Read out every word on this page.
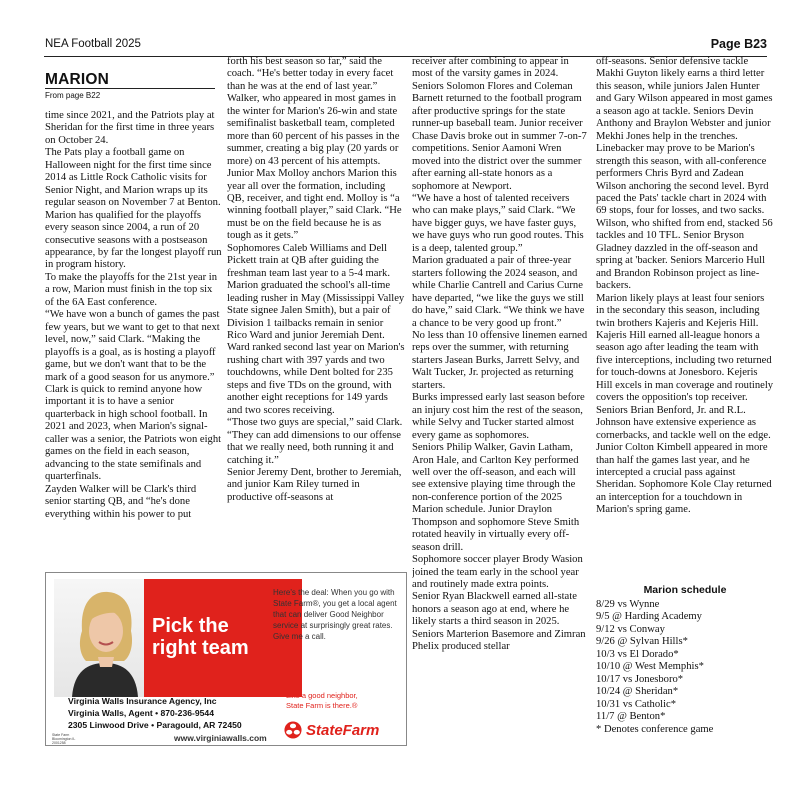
NEA Football 2025	Page B23
MARION
From page B22

time since 2021, and the Patriots play at Sheridan for the first time in three years on October 24.

The Pats play a football game on Halloween night for the first time since 2014 as Little Rock Catholic visits for Senior Night, and Marion wraps up its regular season on November 7 at Benton.

Marion has qualified for the playoffs every season since 2004, a run of 20 consecutive seasons with a postseason appearance, by far the longest playoff run in program history.

To make the playoffs for the 21st year in a row, Marion must finish in the top six of the 6A East conference.

“We have won a bunch of games the past few years, but we want to get to that next level, now,” said Clark. “Making the playoffs is a goal, as is hosting a playoff game, but we don't want that to be the mark of a good season for us anymore.”

Clark is quick to remind anyone how important it is to have a senior quarterback in high school football. In 2021 and 2023, when Marion's signal-caller was a senior, the Patriots won eight games on the field in each season, advancing to the state semifinals and quarterfinals.

Zayden Walker will be Clark's third senior starting QB, and “he's done everything within his power to put

forth his best season so far,” said the coach. “He's better today in every facet than he was at the end of last year.” Walker, who appeared in most games in the winter for Marion's 26-win and state semifinalist basketball team, completed more than 60 percent of his passes in the summer, creating a big play (20 yards or more) on 43 percent of his attempts.

Junior Max Molloy anchors Marion this year all over the formation, including QB, receiver, and tight end. Molloy is “a winning football player,” said Clark. “He must be on the field because he is as tough as it gets.”

Sophomores Caleb Williams and Dell Pickett train at QB after guiding the freshman team last year to a 5-4 mark.

Marion graduated the school's all-time leading rusher in May (Mississippi Valley State signee Jalen Smith), but a pair of Division 1 tailbacks remain in senior Rico Ward and junior Jeremiah Dent. Ward ranked second last year on Marion's rushing chart with 397 yards and two touchdowns, while Dent bolted for 235 steps and five TDs on the ground, with another eight receptions for 149 yards and two scores receiving.

“Those two guys are special,” said Clark. “They can add dimensions to our offense that we really need, both running it and catching it.”

Senior Jeremy Dent, brother to Jeremiah, and junior Kam Riley turned in productive off-seasons at

receiver after combining to appear in most of the varsity games in 2024.

Seniors Solomon Flores and Coleman Barnett returned to the football program after productive springs for the state runner-up baseball team. Junior receiver Chase Davis broke out in summer 7-on-7 competitions. Senior Aamoni Wren moved into the district over the summer after earning all-state honors as a sophomore at Newport.

“We have a host of talented receivers who can make plays,” said Clark. “We have bigger guys, we have faster guys, we have guys who run good routes. This is a deep, talented group.”

Marion graduated a pair of three-year starters following the 2024 season, and while Charlie Cantrell and Carius Curne have departed, “we like the guys we still do have,” said Clark. “We think we have a chance to be very good up front.”

No less than 10 offensive linemen earned reps over the summer, with returning starters Jasean Burks, Jarrett Selvy, and Walt Tucker, Jr. projected as returning starters.

Burks impressed early last season before an injury cost him the rest of the season, while Selvy and Tucker started almost every game as sophomores.

Seniors Philip Walker, Gavin Latham, Aron Hale, and Carlton Key performed well over the off-season, and each will see extensive playing time through the non-conference portion of the 2025 Marion schedule. Junior Draylon Thompson and sophomore Steve Smith rotated heavily in virtually every off-season drill.

Sophomore soccer player Brody Wasion joined the team early in the school year and routinely made extra points.

Senior Ryan Blackwell earned all-state honors a season ago at end, where he likely starts a third season in 2025. Seniors Marterion Basemore and Zimran Phelix produced stellar

off-seasons. Senior defensive tackle Makhi Guyton likely earns a third letter this season, while juniors Jalen Hunter and Gary Wilson appeared in most games a season ago at tackle. Seniors Devin Anthony and Braylon Webster and junior Mekhi Jones help in the trenches.

Linebacker may prove to be Marion's strength this season, with all-conference performers Chris Byrd and Zadean Wilson anchoring the second level. Byrd paced the Pats' tackle chart in 2024 with 69 stops, four for losses, and two sacks. Wilson, who shifted from end, stacked 56 tackles and 10 TFL. Senior Bryson Gladney dazzled in the off-season and spring at 'backer. Seniors Marcerio Hull and Brandon Robinson project as line-backers.

Marion likely plays at least four seniors in the secondary this season, including twin brothers Kajeris and Kejeris Hill. Kajeris Hill earned all-league honors a season ago after leading the team with five interceptions, including two returned for touch-downs at Jonesboro. Kejeris Hill excels in man coverage and routinely covers the opposition's top receiver.

Seniors Brian Benford, Jr. and R.L. Johnson have extensive experience as cornerbacks, and tackle well on the edge. Junior Colton Kimbell appeared in more than half the games last year, and he intercepted a crucial pass against Sheridan. Sophomore Kole Clay returned an interception for a touchdown in Marion's spring game.

Marion schedule
8/29 vs Wynne
9/5 @ Harding Academy
9/12 vs Conway
9/26 @ Sylvan Hills*
10/3 vs El Dorado*
10/10 @ West Memphis*
10/17 vs Jonesboro*
10/24 @ Sheridan*
10/31 vs Catholic*
11/7 @ Benton*
* Denotes conference game
Pick the
right team
Here's the deal: When you go with State Farm®, you get a local agent that can deliver Good Neighbor service at surprisingly great rates. Give me a call.
Like a good neighbor,
State Farm is there.®
Virginia Walls Insurance Agency, Inc
Virginia Walls, Agent • 870-236-9544
2305 Linwood Drive • Paragould, AR 72450
State Farm
Bloomington IL
2001258	www.virginiawalls.com	StateFarm
